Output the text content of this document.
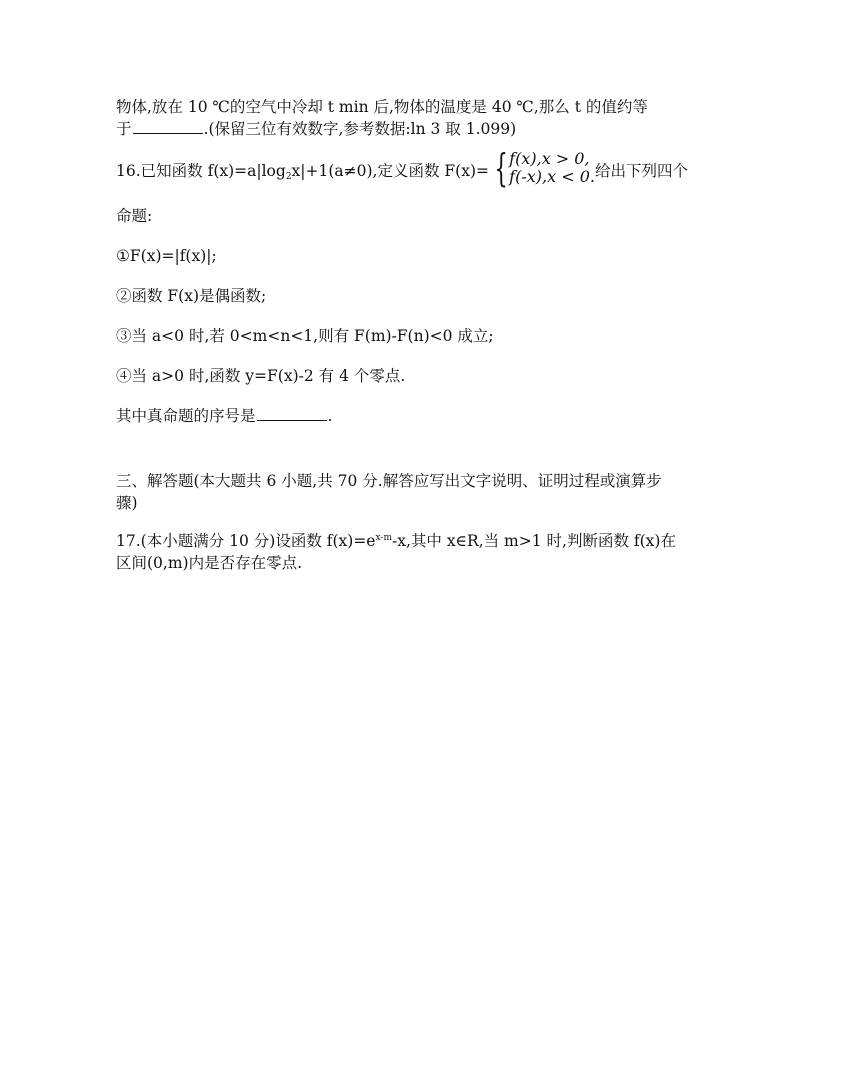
物体,放在 10 ℃的空气中冷却 t min 后,物体的温度是 40 ℃,那么 t 的值约等
于	.(保留三位有效数字,参考数据:ln 3 取 1.099)

16.已知函数 $f(x)=a|\log_2x|+1(a\ne 0)$,定义函数 F(x)= { f(x),x > 0,
f(-x),x < 0. 给出下列四个

命题:

①F(x)=|f(x)|;

②函数 F(x)是偶函数;

③当 a<0 时,若 0<m<n<1,则有 F(m)-F(n)<0 成立;

④当 a>0 时,函数 y=F(x)-2 有 4 个零点.

其中真命题的序号是	.

三、解答题(本大题共 6 小题,共 70 分.解答应写出文字说明、证明过程或演算步
骤)

17.(本小题满分 10 分)设函数 $f(x)=e^{x-m}-x$,其中 x∈R,当 m>1 时,判断函数 f(x)在
区间(0,m)内是否存在零点.
